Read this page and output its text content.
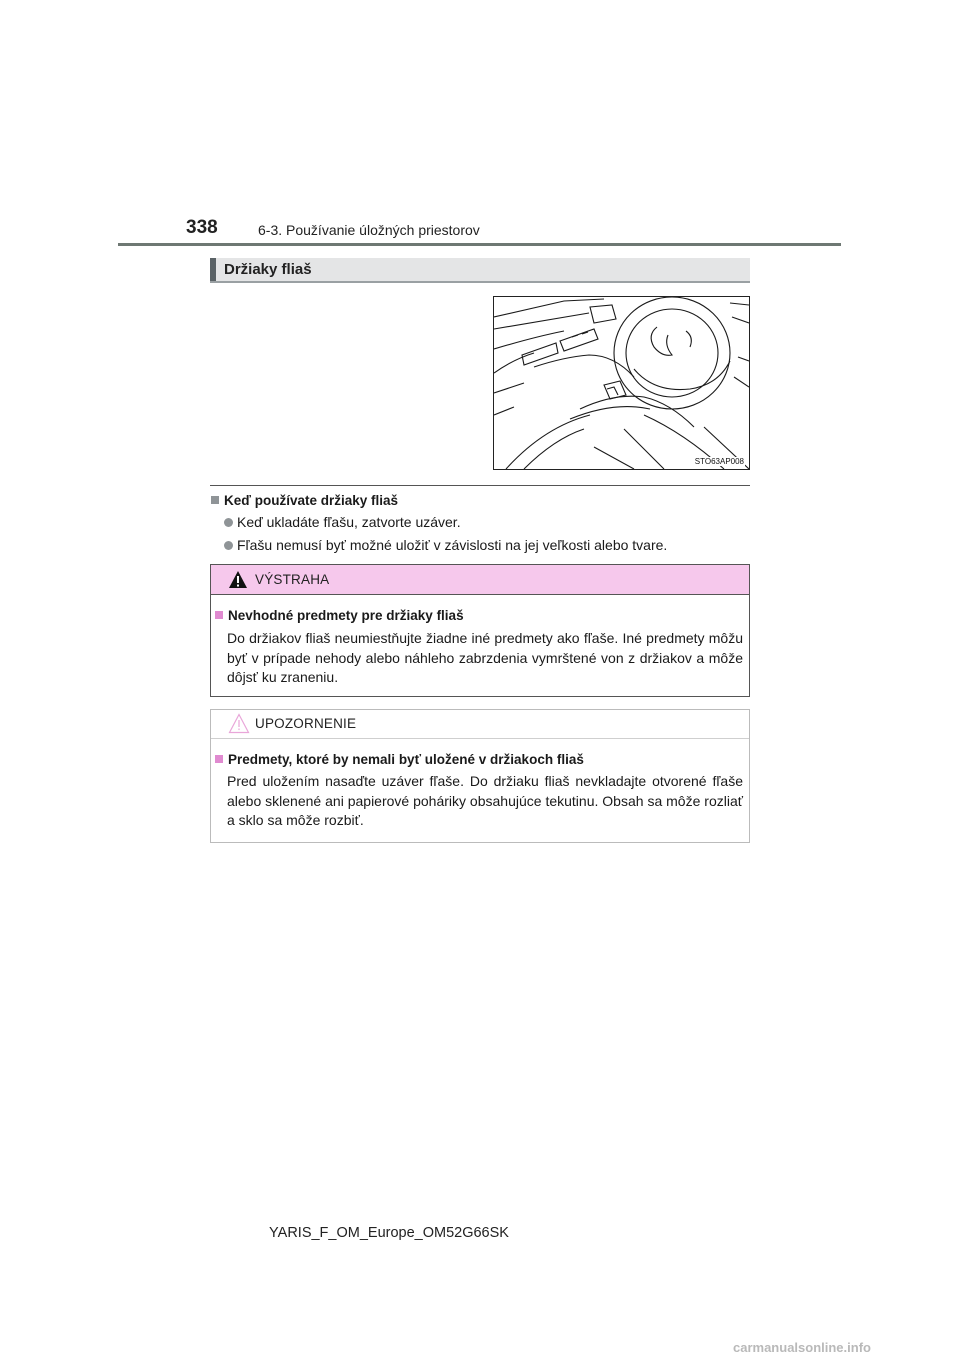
338	6-3. Používanie úložných priestorov
Držiaky fliaš
STO63AP008
Keď používate držiaky fliaš
Keď ukladáte fľašu, zatvorte uzáver.
Fľašu nemusí byť možné uložiť v závislosti na jej veľkosti alebo tvare.
VÝSTRAHA
Nevhodné predmety pre držiaky fliaš
Do držiakov fliaš neumiestňujte žiadne iné predmety ako fľaše. Iné predmety môžu byť v prípade nehody alebo náhleho zabrzdenia vymrštené von z držiakov a môže dôjsť ku zraneniu.
UPOZORNENIE
Predmety, ktoré by nemali byť uložené v držiakoch fliaš
Pred uložením nasaďte uzáver fľaše. Do držiaku fliaš nevkladajte otvorené fľaše alebo sklenené ani papierové poháriky obsahujúce tekutinu. Obsah sa môže rozliať a sklo sa môže rozbiť.
YARIS_F_OM_Europe_OM52G66SK
carmanualsonline.info
